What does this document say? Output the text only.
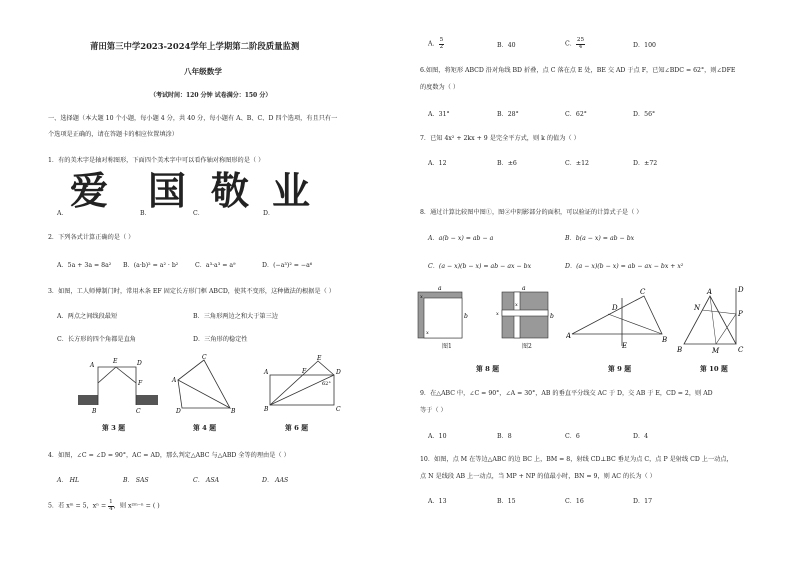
莆田第三中学2023-2024学年上学期第二阶段质量监测
八年级数学
（考试时间：120 分钟 试卷满分：150 分）
一、选择题（本大题 10 个小题，每小题 4 分，共 40 分，每小题有 A、B、C、D 四个选项，有且只有一
个选项是正确的，请在答题卡的相应位置填涂）
1．有的美术字是轴对称图形，下面四个美术字中可以看作轴对称图形的是（ ）
A．
爱
B．
国
C．
敬
D．
业
2．下列各式计算正确的是（ ）
A．5a + 3a = 8a² B．(a·b)² = a² · b²	C．a³·a³ = a⁹	D．(−a³)² = −a⁶
3．如图，工人师傅制门时，常用木条 EF 固定长方形门框 ABCD，使其不变形，这种做法的根据是（ ）
A．两点之间线段最短	B．三角形两边之和大于第三边
C．长方形的四个角都是直角	D．三角形的稳定性
A
E	D
F
B	C
第 3 题
C
A
B
D
第 4 题
A	D
B	C
E
F
62°
第 6 题
4．如图，∠C = ∠D = 90°，AC = AD，那么判定△ABC 与△ABD 全等的理由是（ ）
A． HL	B． SAS	C． ASA	D． AAS
5．若 xᵐ = 5，$x^n = \frac{1}{4}$ ，则 x²ᵐ⁻ⁿ = ( )
A． $\frac{5}{2}$	B．40	C． $\frac{25}{4}$	D．100
6.如图，将矩形 ABCD 沿对角线 BD 折叠，点 C 落在点 E 处，BE 交 AD 于点 F，已知∠BDC = 62°，则∠DFE
的度数为（ ）
A．31°	B．28°	C．62°	D．56°
7．已知 4x² + 2kx + 9 是完全平方式，则 k 的值为（ ）
A．12	B．±6	C．±12	D．±72
8．通过计算比较图中图①，图②中阴影部分的面积，可以验证的计算式子是（ ）
A．a(b − x) = ab − a	B．b(a − x) = ab − bx
C．(a − x)(b − x) = ab − ax − bx	D．(a − x)(b − x) = ab − ax − bx + x²
a
x
b
x
图1
a
x
b
x
图2
第 8 题
C
D
A
E
B
第 9 题
A	D
N
P
B	M	C
第 10 题
9．在△ABC 中，∠C = 90°，∠A = 30°，AB 的垂直平分线交 AC 于 D，交 AB 于 E，CD = 2，则 AD
等于（ ）
A．10	B．8	C．6	D．4
10．如图，点 M 在等边△ABC 的边 BC 上，BM = 8，射线 CD⊥BC 垂足为点 C，点 P 是射线 CD 上一动点，
点 N 是线段 AB 上一动点，当 MP + NP 的值最小时，BN = 9，则 AC 的长为（ ）
A．13	B．15	C．16	D．17
